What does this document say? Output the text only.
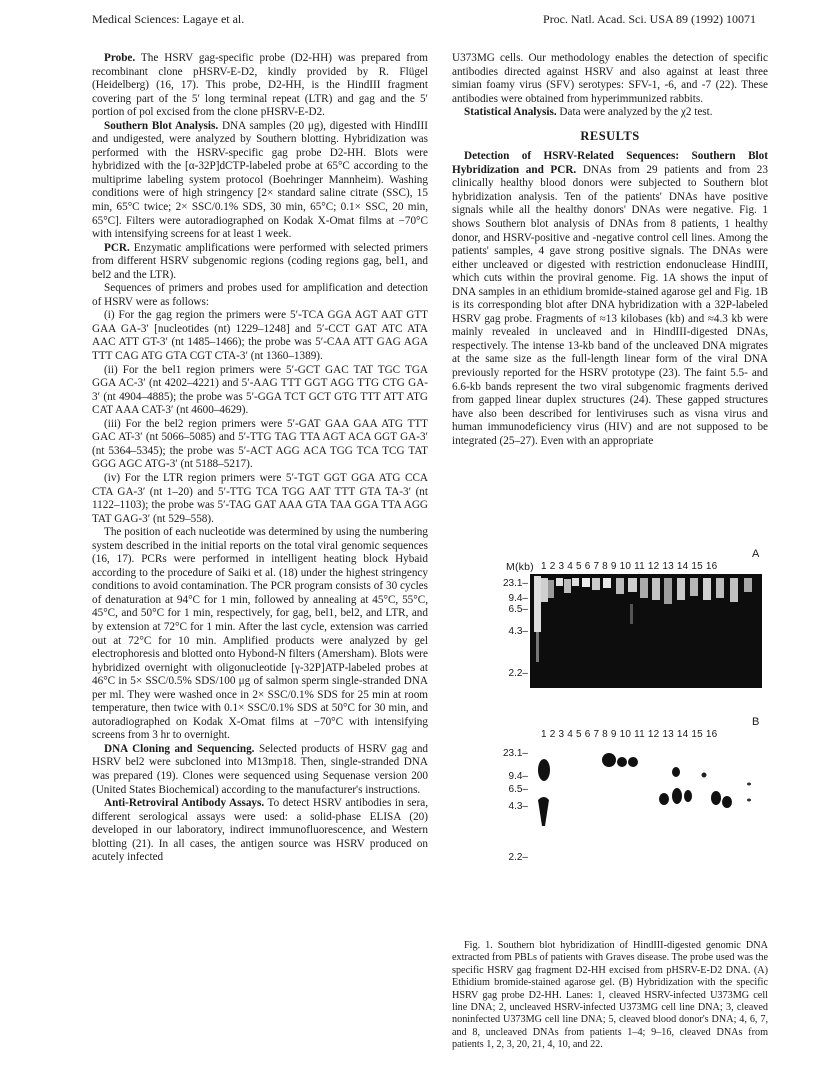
Medical Sciences: Lagaye et al.	Proc. Natl. Acad. Sci. USA 89 (1992) 10071

Probe. The HSRV gag-specific probe (D2-HH) was prepared from recombinant clone pHSRV-E-D2, kindly provided by R. Flügel (Heidelberg) (16, 17). This probe, D2-HH, is the HindIII fragment covering part of the 5′ long terminal repeat (LTR) and gag and the 5′ portion of pol excised from the clone pHSRV-E-D2.

Southern Blot Analysis. DNA samples (20 μg), digested with HindIII and undigested, were analyzed by Southern blotting. Hybridization was performed with the HSRV-specific gag probe D2-HH. Blots were hybridized with the [α-32P]dCTP-labeled probe at 65°C according to the multiprime labeling system protocol (Boehringer Mannheim). Washing conditions were of high stringency [2× standard saline citrate (SSC), 15 min, 65°C twice; 2× SSC/0.1% SDS, 30 min, 65°C; 0.1× SSC, 20 min, 65°C]. Filters were autoradiographed on Kodak X-Omat films at −70°C with intensifying screens for at least 1 week.

PCR. Enzymatic amplifications were performed with selected primers from different HSRV subgenomic regions (coding regions gag, bel1, and bel2 and the LTR).

Sequences of primers and probes used for amplification and detection of HSRV were as follows:

(i) For the gag region the primers were 5′-TCA GGA AGT AAT GTT GAA GA-3′ [nucleotides (nt) 1229–1248] and 5′-CCT GAT ATC ATA AAC ATT GT-3′ (nt 1485–1466); the probe was 5′-CAA ATT GAG AGA TTT CAG ATG GTA CGT CTA-3′ (nt 1360–1389).

(ii) For the bel1 region primers were 5′-GCT GAC TAT TGC TGA GGA AC-3′ (nt 4202–4221) and 5′-AAG TTT GGT AGG TTG CTG GA-3′ (nt 4904–4885); the probe was 5′-GGA TCT GCT GTG TTT ATT ATG CAT AAA CAT-3′ (nt 4600–4629).

(iii) For the bel2 region primers were 5′-GAT GAA GAA ATG TTT GAC AT-3′ (nt 5066–5085) and 5′-TTG TAG TTA AGT ACA GGT GA-3′ (nt 5364–5345); the probe was 5′-ACT AGG ACA TGG TCA TCG TAT GGG AGC ATG-3′ (nt 5188–5217).

(iv) For the LTR region primers were 5′-TGT GGT GGA ATG CCA CTA GA-3′ (nt 1–20) and 5′-TTG TCA TGG AAT TTT GTA TA-3′ (nt 1122–1103); the probe was 5′-TAG GAT AAA GTA TAA GGA TTA AGG TAT GAG-3′ (nt 529–558).

The position of each nucleotide was determined by using the numbering system described in the initial reports on the total viral genomic sequences (16, 17). PCRs were performed in intelligent heating block Hybaid according to the procedure of Saiki et al. (18) under the highest stringency conditions to avoid contamination. The PCR program consists of 30 cycles of denaturation at 94°C for 1 min, followed by annealing at 45°C, 55°C, 45°C, and 50°C for 1 min, respectively, for gag, bel1, bel2, and LTR, and by extension at 72°C for 1 min. After the last cycle, extension was carried out at 72°C for 10 min. Amplified products were analyzed by gel electrophoresis and blotted onto Hybond-N filters (Amersham). Blots were hybridized overnight with oligonucleotide [γ-32P]ATP-labeled probes at 46°C in 5× SSC/0.5% SDS/100 μg of salmon sperm single-stranded DNA per ml. They were washed once in 2× SSC/0.1% SDS for 25 min at room temperature, then twice with 0.1× SSC/0.1% SDS at 50°C for 30 min, and autoradiographed on Kodak X-Omat films at −70°C with intensifying screens from 3 hr to overnight.

DNA Cloning and Sequencing. Selected products of HSRV gag and HSRV bel2 were subcloned into M13mp18. Then, single-stranded DNA was prepared (19). Clones were sequenced using Sequenase version 200 (United States Biochemical) according to the manufacturer's instructions.

Anti-Retroviral Antibody Assays. To detect HSRV antibodies in sera, different serological assays were used: a solid-phase ELISA (20) developed in our laboratory, indirect immunofluorescence, and Western blotting (21). In all cases, the antigen source was HSRV produced on acutely infected

U373MG cells. Our methodology enables the detection of specific antibodies directed against HSRV and also against at least three simian foamy virus (SFV) serotypes: SFV-1, -6, and -7 (22). These antibodies were obtained from hyperimmunized rabbits.

Statistical Analysis. Data were analyzed by the χ2 test.

RESULTS

Detection of HSRV-Related Sequences: Southern Blot Hybridization and PCR. DNAs from 29 patients and from 23 clinically healthy blood donors were subjected to Southern blot hybridization analysis. Ten of the patients' DNAs have positive signals while all the healthy donors' DNAs were negative. Fig. 1 shows Southern blot analysis of DNAs from 8 patients, 1 healthy donor, and HSRV-positive and -negative control cell lines. Among the patients' samples, 4 gave strong positive signals. The DNAs were either uncleaved or digested with restriction endonuclease HindIII, which cuts within the proviral genome. Fig. 1A shows the input of DNA samples in an ethidium bromide-stained agarose gel and Fig. 1B is its corresponding blot after DNA hybridization with a 32P-labeled HSRV gag probe. Fragments of ≈13 kilobases (kb) and ≈4.3 kb were mainly revealed in uncleaved and in HindIII-digested DNAs, respectively. The intense 13-kb band of the uncleaved DNA migrates at the same size as the full-length linear form of the viral DNA previously reported for the HSRV prototype (23). The faint 5.5- and 6.6-kb bands represent the two viral subgenomic fragments derived from gapped linear duplex structures (24). These gapped structures have also been described for lentiviruses such as visna virus and human immunodeficiency virus (HIV) and are not supposed to be integrated (25–27). Even with an appropriate

A
M(kb) 1 2 3 4 5 6 7 8 9 10 11 12 13 14 15 16
23.1–
9.4–
6.5–
4.3–
2.2–
B
1 2 3 4 5 6 7 8 9 10 11 12 13 14 15 16
23.1–
9.4–
6.5–
4.3–
2.2–

Fig. 1. Southern blot hybridization of HindIII-digested genomic DNA extracted from PBLs of patients with Graves disease. The probe used was the specific HSRV gag fragment D2-HH excised from pHSRV-E-D2 DNA. (A) Ethidium bromide-stained agarose gel. (B) Hybridization with the specific HSRV gag probe D2-HH. Lanes: 1, cleaved HSRV-infected U373MG cell line DNA; 2, uncleaved HSRV-infected U373MG cell line DNA; 3, cleaved noninfected U373MG cell line DNA; 5, cleaved blood donor's DNA; 4, 6, 7, and 8, uncleaved DNAs from patients 1–4; 9–16, cleaved DNAs from patients 1, 2, 3, 20, 21, 4, 10, and 22.
